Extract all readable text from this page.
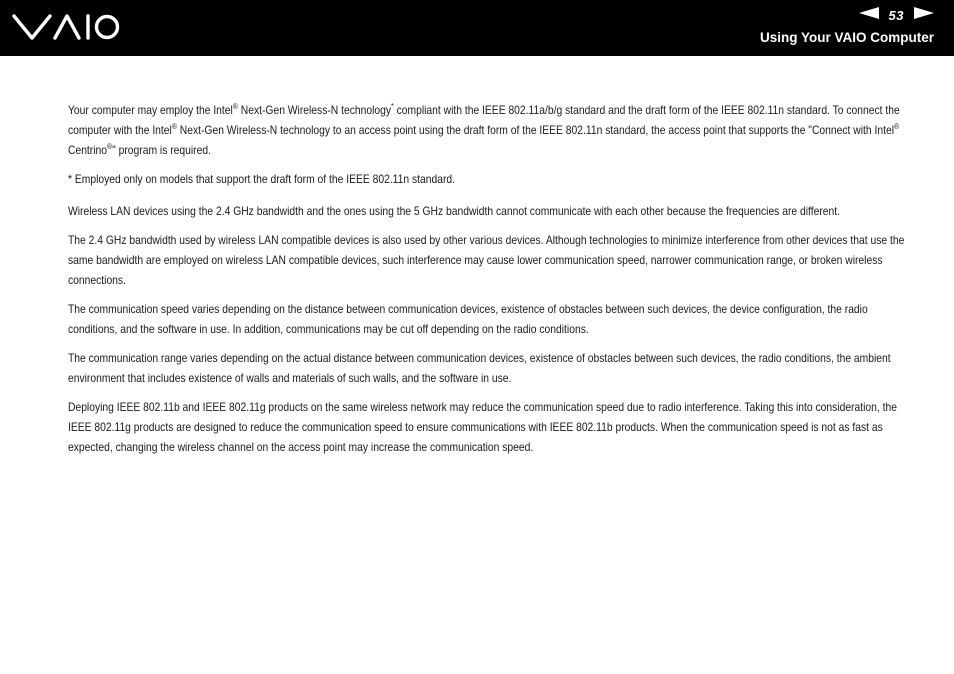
53
Using Your VAIO Computer

Your computer may employ the Intel® Next-Gen Wireless-N technology* compliant with the IEEE 802.11a/b/g standard and the draft form of the IEEE 802.11n standard. To connect the computer with the Intel® Next-Gen Wireless-N technology to an access point using the draft form of the IEEE 802.11n standard, the access point that supports the "Connect with Intel® Centrino®" program is required.

* Employed only on models that support the draft form of the IEEE 802.11n standard.

Wireless LAN devices using the 2.4 GHz bandwidth and the ones using the 5 GHz bandwidth cannot communicate with each other because the frequencies are different.

The 2.4 GHz bandwidth used by wireless LAN compatible devices is also used by other various devices. Although technologies to minimize interference from other devices that use the same bandwidth are employed on wireless LAN compatible devices, such interference may cause lower communication speed, narrower communication range, or broken wireless connections.

The communication speed varies depending on the distance between communication devices, existence of obstacles between such devices, the device configuration, the radio conditions, and the software in use. In addition, communications may be cut off depending on the radio conditions.

The communication range varies depending on the actual distance between communication devices, existence of obstacles between such devices, the radio conditions, the ambient environment that includes existence of walls and materials of such walls, and the software in use.

Deploying IEEE 802.11b and IEEE 802.11g products on the same wireless network may reduce the communication speed due to radio interference. Taking this into consideration, the IEEE 802.11g products are designed to reduce the communication speed to ensure communications with IEEE 802.11b products. When the communication speed is not as fast as expected, changing the wireless channel on the access point may increase the communication speed.
